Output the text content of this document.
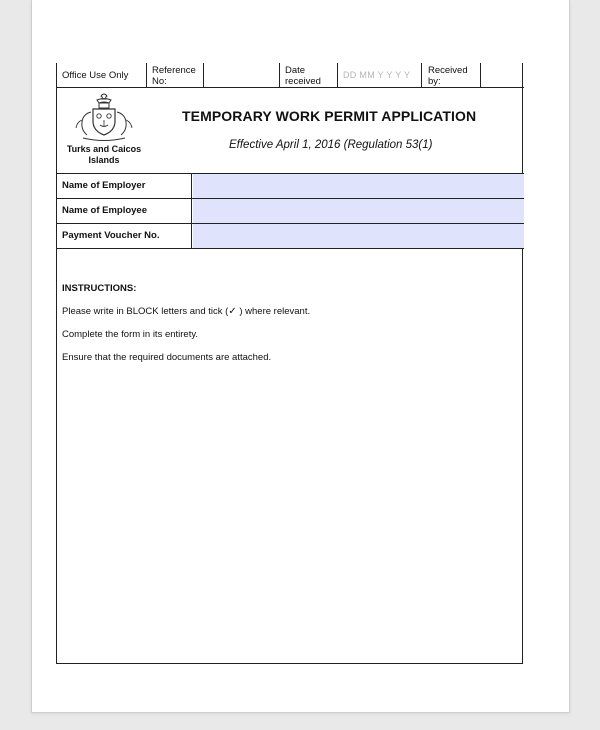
Office Use Only Reference
No:
Date
received
DD MM Y Y Y Y Received
by:
Turks and Caicos
Islands
TEMPORARY WORK PERMIT APPLICATION
Effective April 1, 2016 (Regulation 53(1)
Name of Employer
Name of Employee
Payment Voucher No.
INSTRUCTIONS:
Please write in BLOCK letters and tick (✓ ) where relevant.
Complete the form in its entirety.
Ensure that the required documents are attached.
